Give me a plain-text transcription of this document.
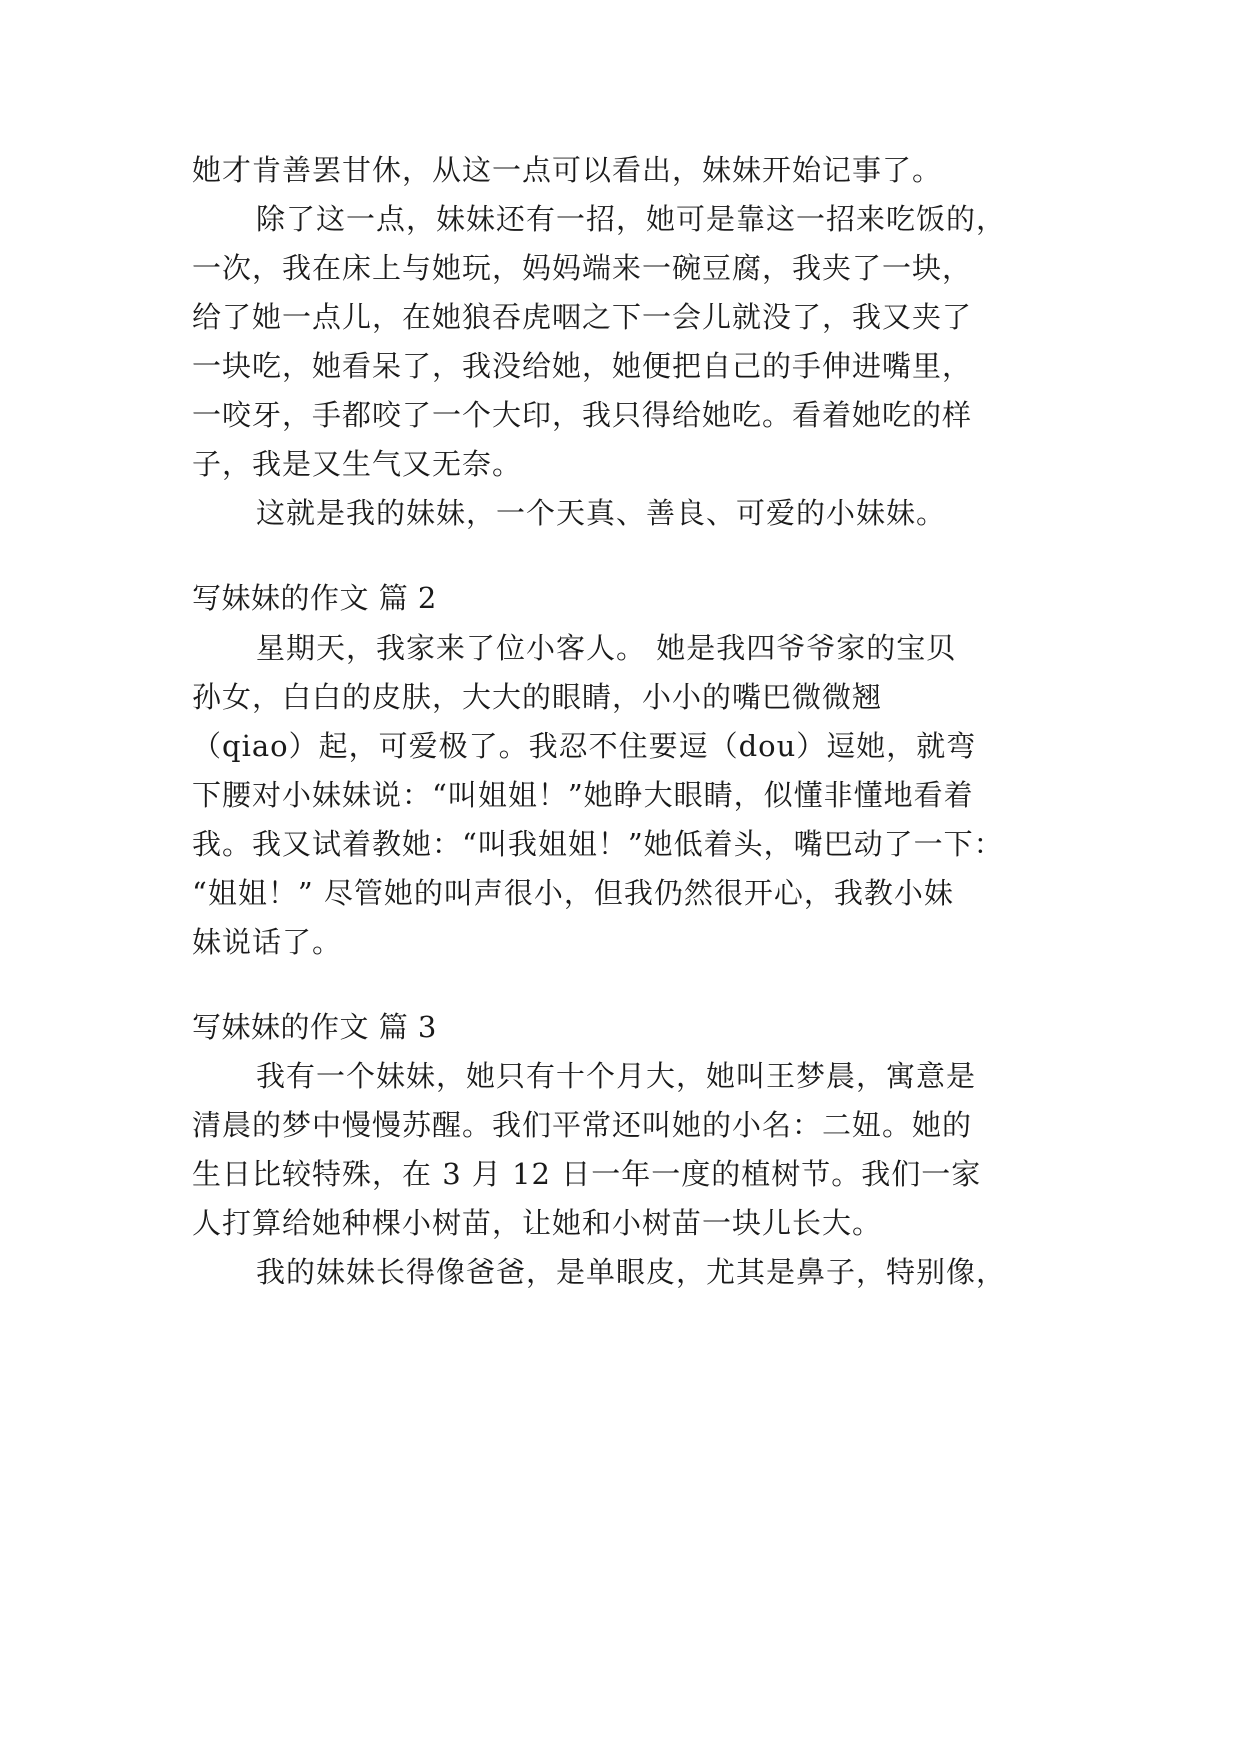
她才肯善罢甘休，从这一点可以看出，妹妹开始记事了。
除了这一点，妹妹还有一招，她可是靠这一招来吃饭的，
一次，我在床上与她玩，妈妈端来一碗豆腐，我夹了一块，
给了她一点儿，在她狼吞虎咽之下一会儿就没了，我又夹了
一块吃，她看呆了，我没给她，她便把自己的手伸进嘴里，
一咬牙，手都咬了一个大印，我只得给她吃。看着她吃的样
子，我是又生气又无奈。
这就是我的妹妹，一个天真、善良、可爱的小妹妹。
写妹妹的作文 篇 2
星期天，我家来了位小客人。 她是我四爷爷家的宝贝
孙女，白白的皮肤，大大的眼睛，小小的嘴巴微微翘
（qiao）起，可爱极了。我忍不住要逗（dou）逗她，就弯
下腰对小妹妹说：“叫姐姐！”她睁大眼睛，似懂非懂地看着
我。我又试着教她：“叫我姐姐！”她低着头，嘴巴动了一下：
“姐姐！” 尽管她的叫声很小，但我仍然很开心，我教小妹
妹说话了。
写妹妹的作文 篇 3
我有一个妹妹，她只有十个月大，她叫王梦晨，寓意是
清晨的梦中慢慢苏醒。我们平常还叫她的小名：二妞。她的
生日比较特殊，在 3 月 12 日一年一度的植树节。我们一家
人打算给她种棵小树苗，让她和小树苗一块儿长大。
我的妹妹长得像爸爸，是单眼皮，尤其是鼻子，特别像，
